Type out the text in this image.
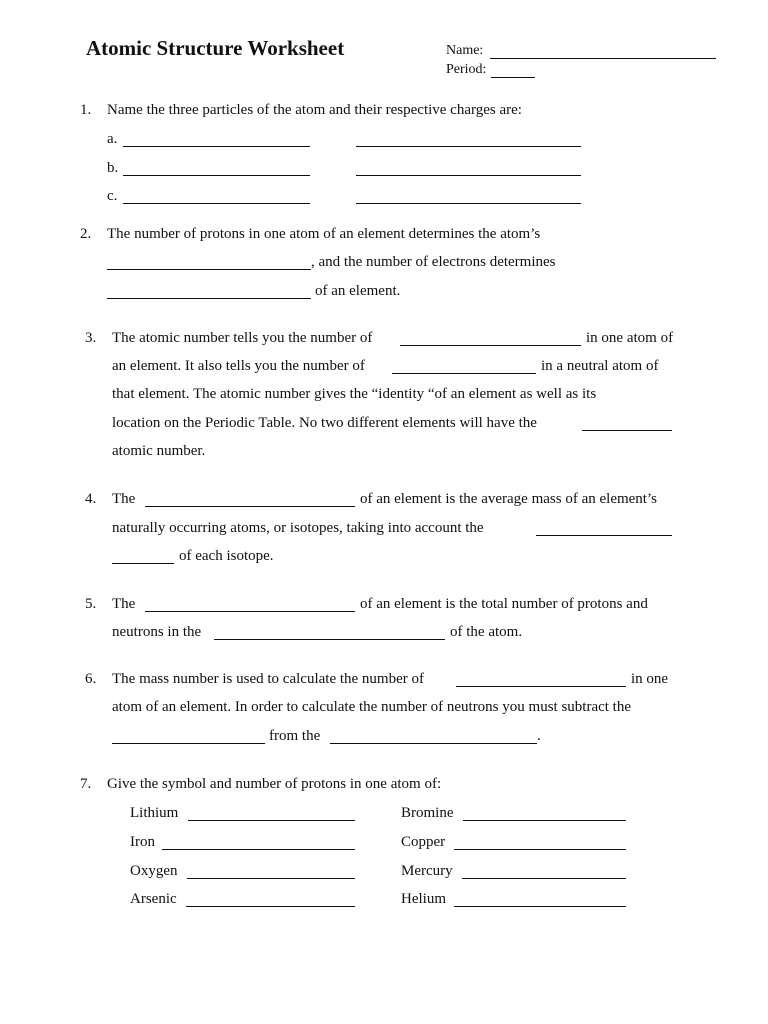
Atomic Structure Worksheet	Name:
Period:
1. Name the three particles of the atom and their respective charges are:
a.
b.
c.
2. The number of protons in one atom of an element determines the atom’s
, and the number of electrons determines
of an element.
3. The atomic number tells you the number of	in one atom of
an element. It also tells you the number of	in a neutral atom of
that element. The atomic number gives the “identity “of an element as well as its
location on the Periodic Table. No two different elements will have the
atomic number.
4. The	of an element is the average mass of an element’s
naturally occurring atoms, or isotopes, taking into account the
of each isotope.
5. The	of an element is the total number of protons and
neutrons in the	of the atom.
6. The mass number is used to calculate the number of	in one
atom of an element. In order to calculate the number of neutrons you must subtract the
from the	.
7. Give the symbol and number of protons in one atom of:
Lithium	Bromine
Iron	Copper
Oxygen	Mercury
Arsenic	Helium
